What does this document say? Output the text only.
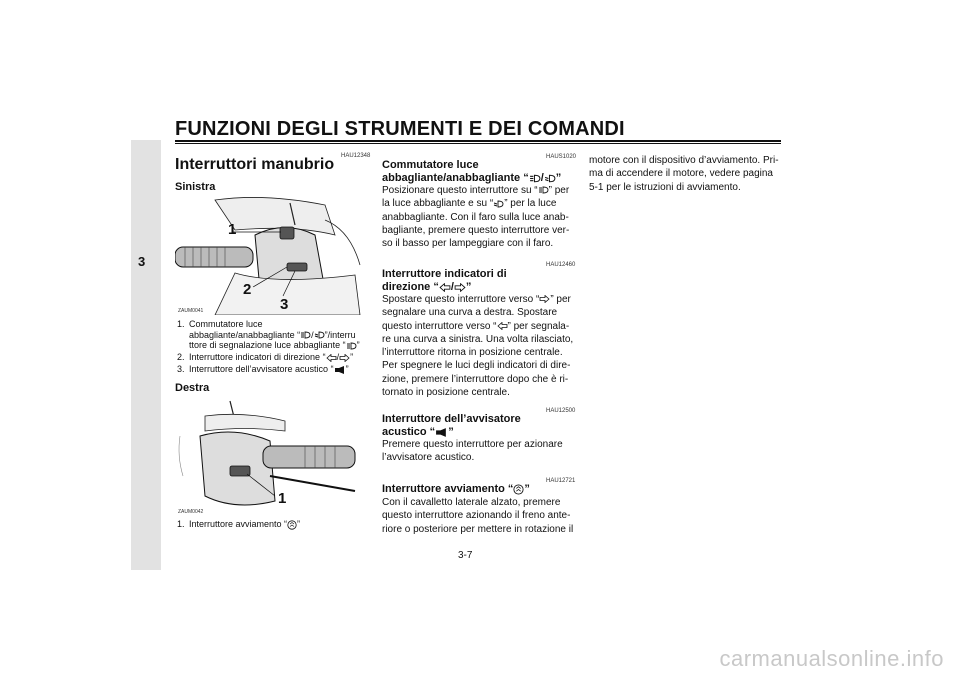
FUNZIONI DEGLI STRUMENTI E DEI COMANDI
3
HAU12348
Interruttori manubrio
Sinistra
1
2
3
ZAUM0041
1. Commutatore luce
abbagliante/anabbagliante “ / ”/interru
ttore di segnalazione luce abbagliante “ ”
2. Interruttore indicatori di direzione “ / ”
3. Interruttore dell’avvisatore acustico “ ”
Destra
1
ZAUM0042
1. Interruttore avviamento “ ”
HAUS1020
Commutatore luce
abbagliante/anabbagliante “ / ”
Posizionare questo interruttore su “ ” per
la luce abbagliante e su “ ” per la luce
anabbagliante. Con il faro sulla luce anab-
bagliante, premere questo interruttore ver-
so il basso per lampeggiare con il faro.
HAU12460
Interruttore indicatori di
direzione “ / ”
Spostare questo interruttore verso “ ” per
segnalare una curva a destra. Spostare
questo interruttore verso “ ” per segnala-
re una curva a sinistra. Una volta rilasciato,
l’interruttore ritorna in posizione centrale.
Per spegnere le luci degli indicatori di dire-
zione, premere l’interruttore dopo che è ri-
tornato in posizione centrale.
HAU12500
Interruttore dell’avvisatore
acustico “ ”
Premere questo interruttore per azionare
l’avvisatore acustico.
HAU12721
Interruttore avviamento “ ”
Con il cavalletto laterale alzato, premere
questo interruttore azionando il freno ante-
riore o posteriore per mettere in rotazione il
motore con il dispositivo d’avviamento. Pri-
ma di accendere il motore, vedere pagina
5-1 per le istruzioni di avviamento.
3-7
carmanualsonline.info
